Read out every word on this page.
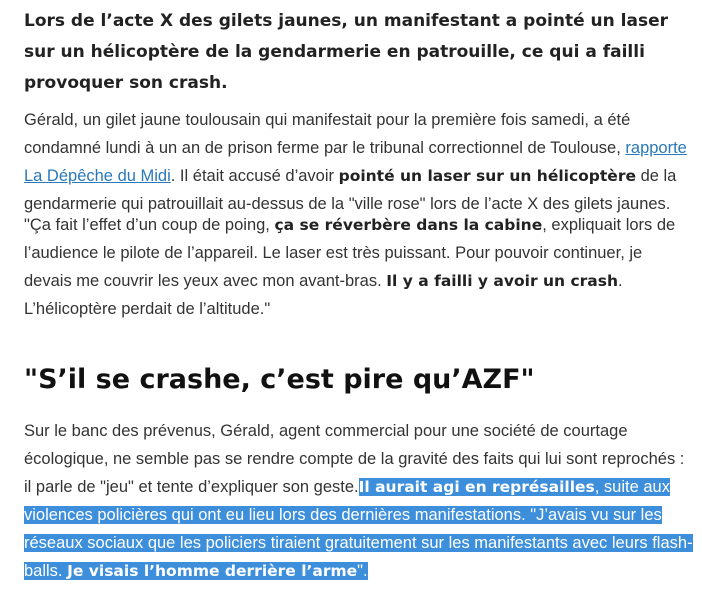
Lors de l’acte X des gilets jaunes, un manifestant a pointé un laser sur un hélicoptère de la gendarmerie en patrouille, ce qui a failli provoquer son crash.
Gérald, un gilet jaune toulousain qui manifestait pour la première fois samedi, a été condamné lundi à un an de prison ferme par le tribunal correctionnel de Toulouse, rapporte La Dépêche du Midi. Il était accusé d’avoir pointé un laser sur un hélicoptère de la gendarmerie qui patrouillait au-dessus de la "ville rose" lors de l’acte X des gilets jaunes.
"Ça fait l’effet d’un coup de poing, ça se réverbère dans la cabine, expliquait lors de l’audience le pilote de l’appareil. Le laser est très puissant. Pour pouvoir continuer, je devais me couvrir les yeux avec mon avant-bras. Il y a failli y avoir un crash. L’hélicoptère perdait de l’altitude."
"S’il se crashe, c’est pire qu’AZF"
Sur le banc des prévenus, Gérald, agent commercial pour une société de courtage écologique, ne semble pas se rendre compte de la gravité des faits qui lui sont reprochés : il parle de "jeu" et tente d’expliquer son geste.Il aurait agi en représailles, suite aux violences policières qui ont eu lieu lors des dernières manifestations. "J’avais vu sur les réseaux sociaux que les policiers tiraient gratuitement sur les manifestants avec leurs flash-balls. Je visais l’homme derrière l’arme".
